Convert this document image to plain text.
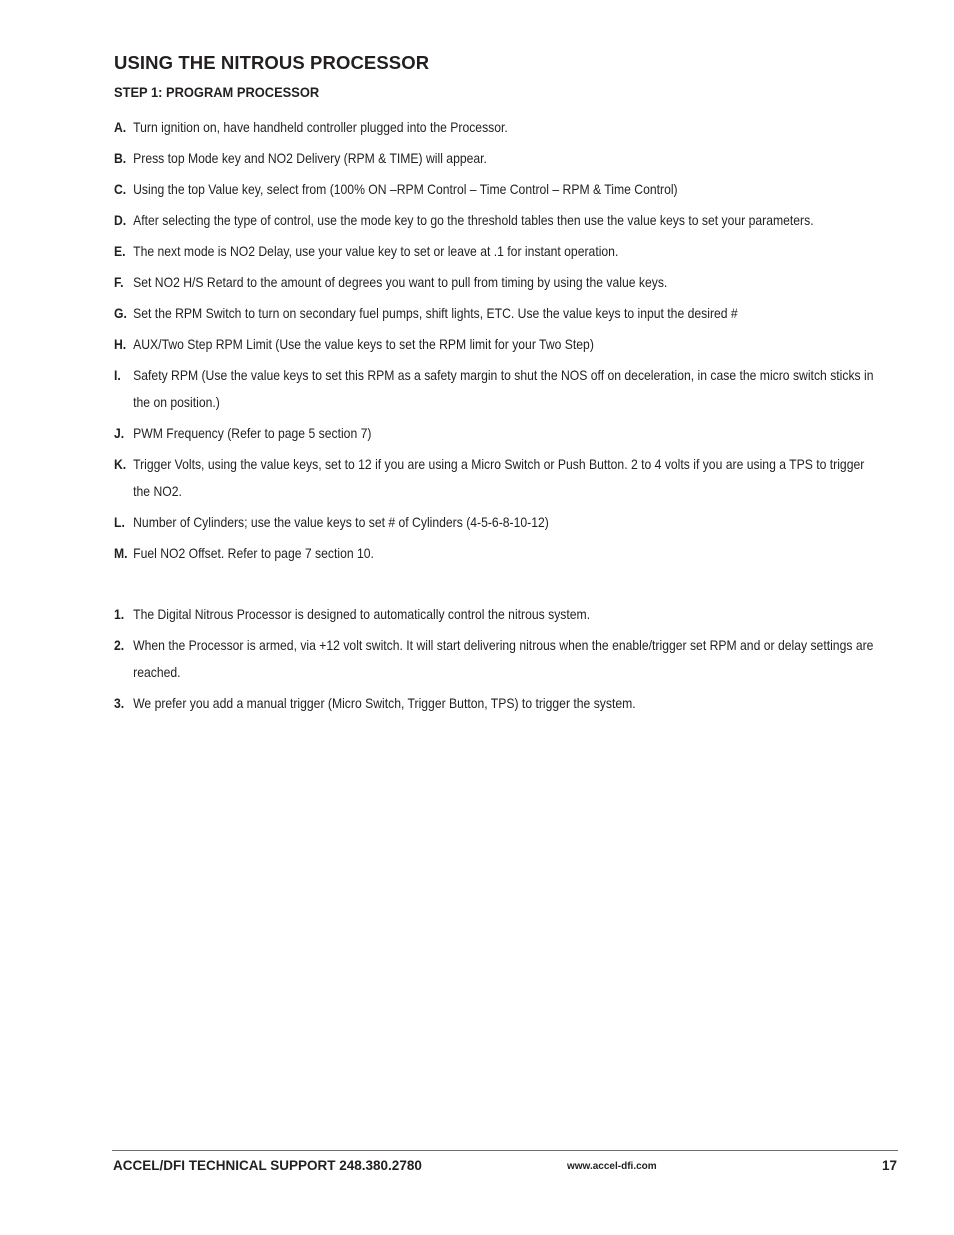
USING THE NITROUS PROCESSOR
STEP 1: PROGRAM PROCESSOR
A. Turn ignition on, have handheld controller plugged into the Processor.
B. Press top Mode key and NO2 Delivery (RPM & TIME) will appear.
C. Using the top Value key, select from (100% ON –RPM Control – Time Control – RPM & Time Control)
D. After selecting the type of control, use the mode key to go the threshold tables then use the value keys to set your parameters.
E. The next mode is NO2 Delay, use your value key to set or leave at .1 for instant operation.
F. Set NO2 H/S Retard to the amount of degrees you want to pull from timing by using the value keys.
G. Set the RPM Switch to turn on secondary fuel pumps, shift lights, ETC. Use the value keys to input the desired #
H. AUX/Two Step RPM Limit (Use the value keys to set the RPM limit for your Two Step)
I. Safety RPM (Use the value keys to set this RPM as a safety margin to shut the NOS off on deceleration, in case the micro switch sticks in the on position.)
J. PWM Frequency (Refer to page 5 section 7)
K. Trigger Volts, using the value keys, set to 12 if you are using a Micro Switch or Push Button. 2 to 4 volts if you are using a TPS to trigger the NO2.
L. Number of Cylinders; use the value keys to set # of Cylinders (4-5-6-8-10-12)
M. Fuel NO2 Offset. Refer to page 7 section 10.
1. The Digital Nitrous Processor is designed to automatically control the nitrous system.
2. When the Processor is armed, via +12 volt switch. It will start delivering nitrous when the enable/trigger set RPM and or delay settings are reached.
3. We prefer you add a manual trigger (Micro Switch, Trigger Button, TPS) to trigger the system.
ACCEL/DFI TECHNICAL SUPPORT 248.380.2780	www.accel-dfi.com	17
